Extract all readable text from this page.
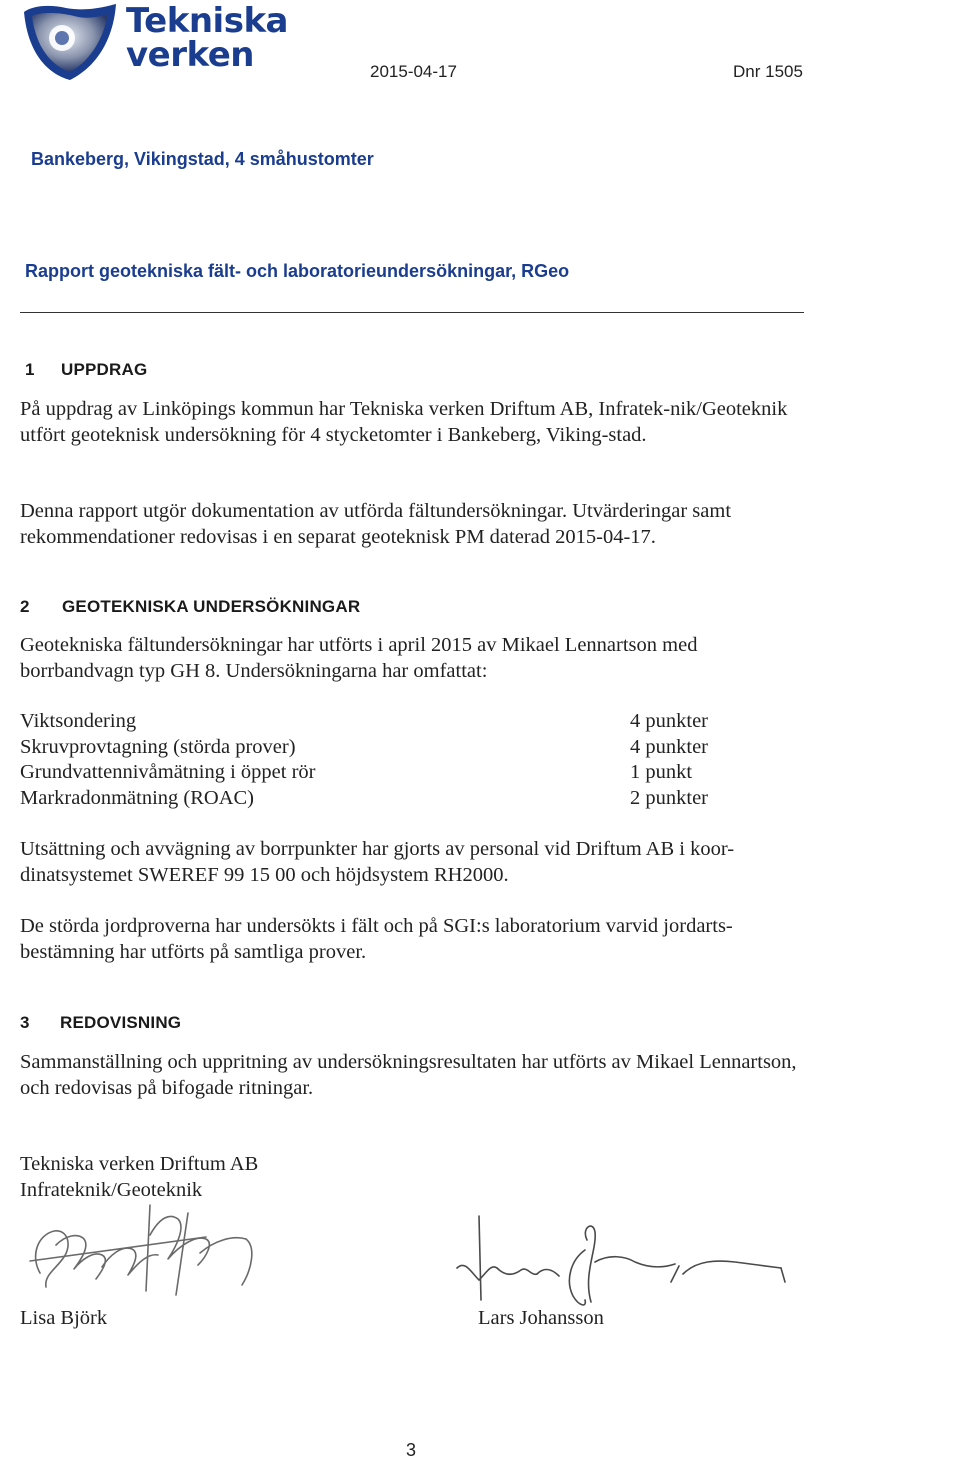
Tekniska
verken	2015-04-17	Dnr 1505
Bankeberg, Vikingstad, 4 småhustomter
Rapport geotekniska fält- och laboratorieundersökningar, RGeo
1 UPPDRAG

På uppdrag av Linköpings kommun har Tekniska verken Driftum AB, Infratek-nik/Geoteknik utfört geoteknisk undersökning för 4 stycketomter i Bankeberg, Viking-stad.

Denna rapport utgör dokumentation av utförda fältundersökningar. Utvärderingar samt rekommendationer redovisas i en separat geoteknisk PM daterad 2015-04-17.

2 GEOTEKNISKA UNDERSÖKNINGAR

Geotekniska fältundersökningar har utförts i april 2015 av Mikael Lennartson med borrbandvagn typ GH 8. Undersökningarna har omfattat:

Viktsondering	4 punkter
Skruvprovtagning (störda prover)	4 punkter
Grundvattennivåmätning i öppet rör	1 punkt
Markradonmätning (ROAC)	2 punkter

Utsättning och avvägning av borrpunkter har gjorts av personal vid Driftum AB i koor-dinatsystemet SWEREF 99 15 00 och höjdsystem RH2000.

De störda jordproverna har undersökts i fält och på SGI:s laboratorium varvid jordarts-bestämning har utförts på samtliga prover.

3 REDOVISNING

Sammanställning och uppritning av undersökningsresultaten har utförts av Mikael Lennartson, och redovisas på bifogade ritningar.

Tekniska verken Driftum AB
Infrateknik/Geoteknik
Lisa Björk	Lars Johansson
3
